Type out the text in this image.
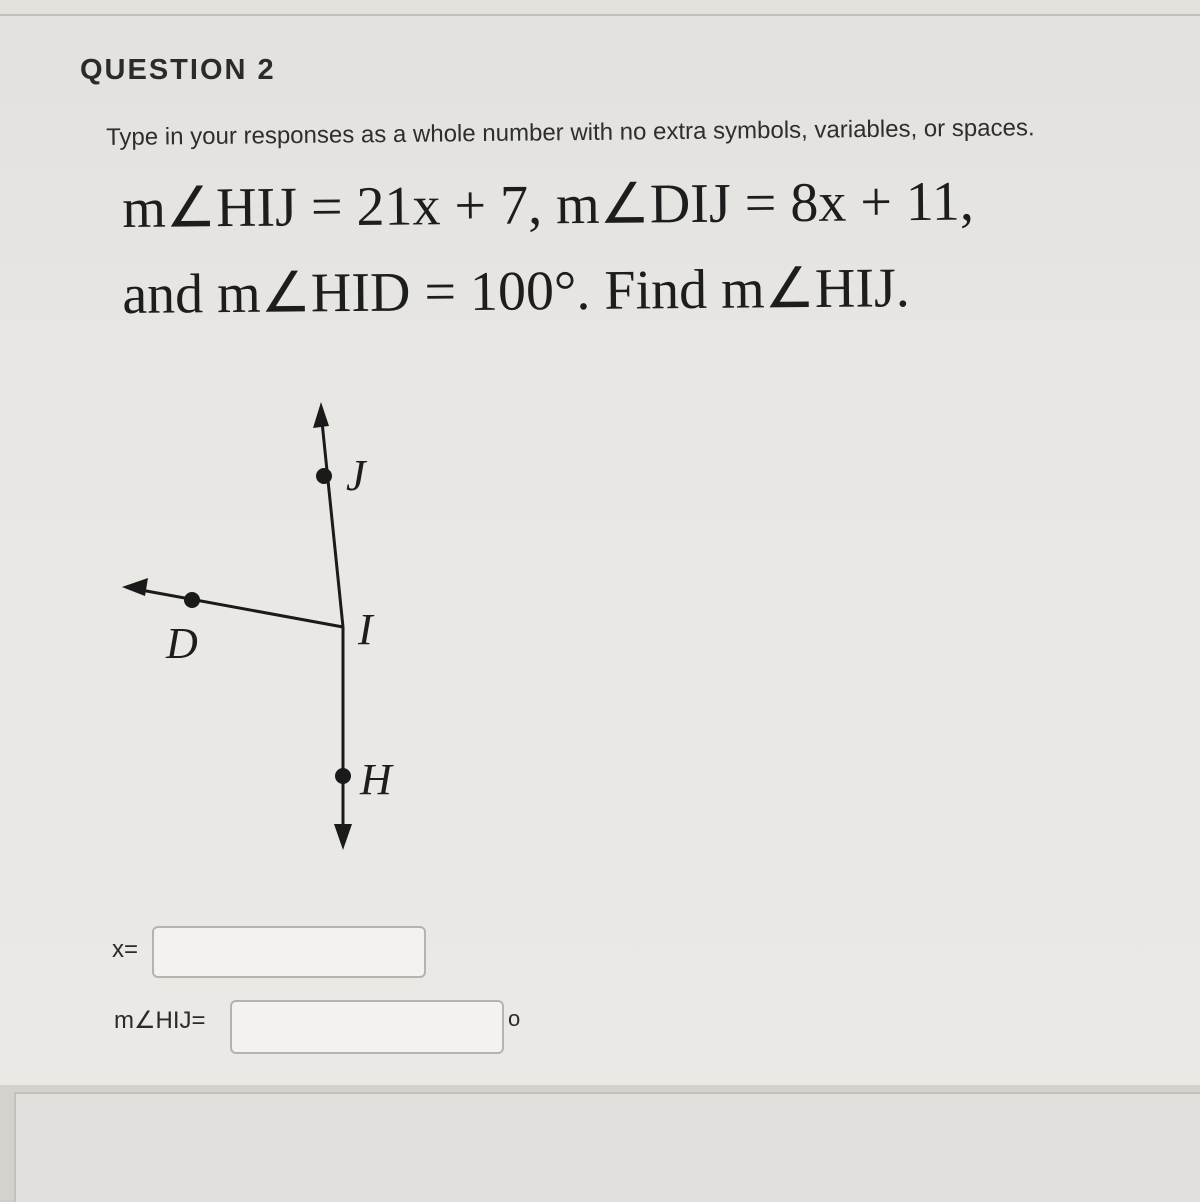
QUESTION 2
Type in your responses as a whole number with no extra symbols, variables, or spaces.
m∠HIJ = 21x + 7, m∠DIJ = 8x + 11,
and m∠HID = 100°. Find m∠HIJ.
J
I
D
H
x=
m∠HIJ=	o
